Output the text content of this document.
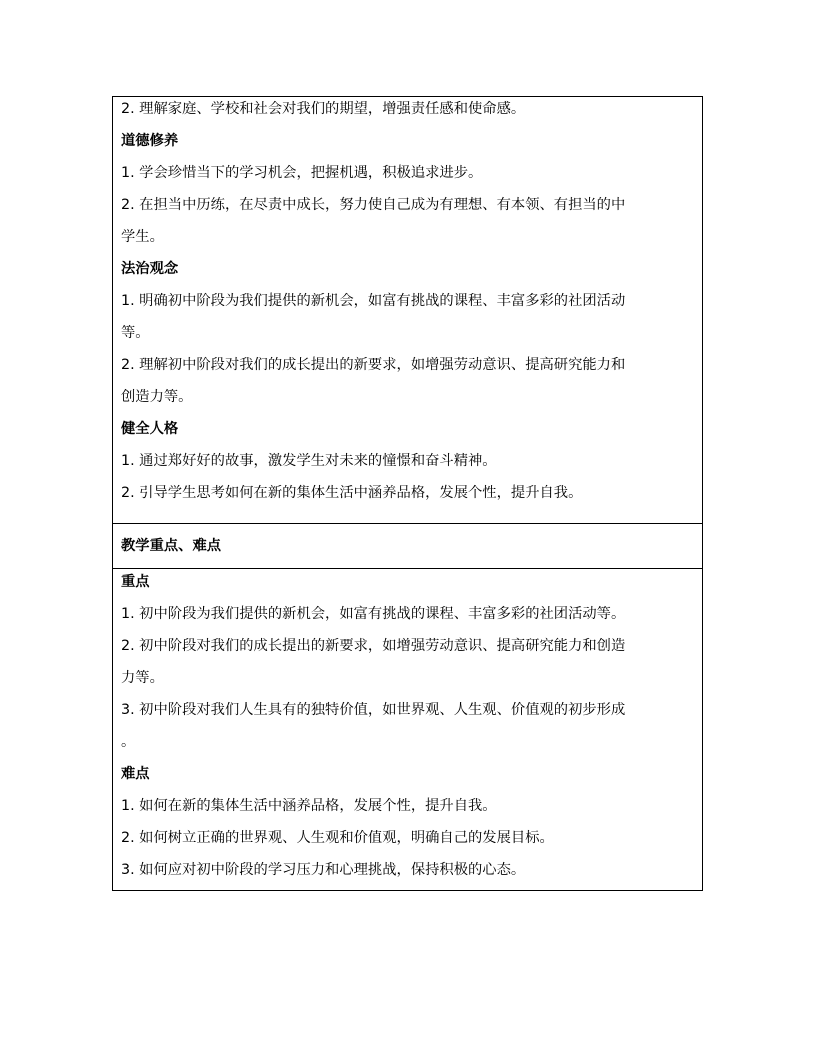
2. 理解家庭、学校和社会对我们的期望，增强责任感和使命感。
道德修养
1. 学会珍惜当下的学习机会，把握机遇，积极追求进步。
2. 在担当中历练，在尽责中成长，努力使自己成为有理想、有本领、有担当的中
学生。
法治观念
1. 明确初中阶段为我们提供的新机会，如富有挑战的课程、丰富多彩的社团活动
等。
2. 理解初中阶段对我们的成长提出的新要求，如增强劳动意识、提高研究能力和
创造力等。
健全人格
1. 通过郑好好的故事，激发学生对未来的憧憬和奋斗精神。
2. 引导学生思考如何在新的集体生活中涵养品格，发展个性，提升自我。
教学重点、难点
重点
1. 初中阶段为我们提供的新机会，如富有挑战的课程、丰富多彩的社团活动等。
2. 初中阶段对我们的成长提出的新要求，如增强劳动意识、提高研究能力和创造
力等。
3. 初中阶段对我们人生具有的独特价值，如世界观、人生观、价值观的初步形成
。
难点
1. 如何在新的集体生活中涵养品格，发展个性，提升自我。
2. 如何树立正确的世界观、人生观和价值观，明确自己的发展目标。
3. 如何应对初中阶段的学习压力和心理挑战，保持积极的心态。
